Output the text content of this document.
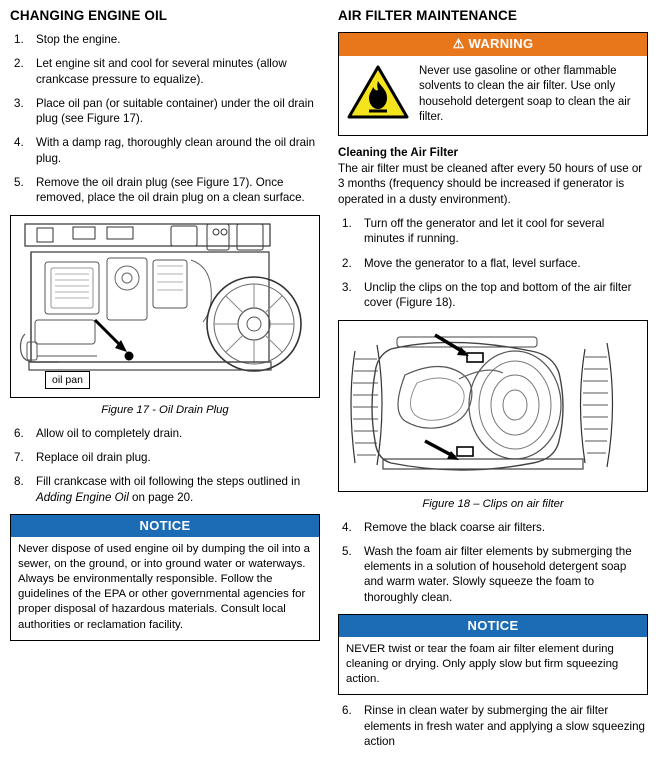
CHANGING ENGINE OIL
1.	Stop the engine.
2.	Let engine sit and cool for several minutes (allow crankcase pressure to equalize).
3.	Place oil pan (or suitable container) under the oil drain plug (see Figure 17).
4.	With a damp rag, thoroughly clean around the oil drain plug.
5.	Remove the oil drain plug (see Figure 17). Once removed, place the oil drain plug on a clean surface.
oil pan
Figure 17 - Oil Drain Plug
6.	Allow oil to completely drain.
7.	Replace oil drain plug.
8.	Fill crankcase with oil following the steps outlined in Adding Engine Oil on page 20.
NOTICE
Never dispose of used engine oil by dumping the oil into a sewer, on the ground, or into ground water or waterways. Always be environmentally responsible. Follow the guidelines of the EPA or other governmental agencies for proper disposal of hazardous materials. Consult local authorities or reclamation facility.
AIR FILTER MAINTENANCE
⚠ WARNING
Never use gasoline or other flammable solvents to clean the air filter. Use only household detergent soap to clean the air filter.
Cleaning the Air Filter

The air filter must be cleaned after every 50 hours of use or 3 months (frequency should be increased if generator is operated in a dusty environment).

1.	Turn off the generator and let it cool for several minutes if running.
2.	Move the generator to a flat, level surface.
3.	Unclip the clips on the top and bottom of the air filter cover (Figure 18).
Figure 18 – Clips on air filter
4.	Remove the black coarse air filters.
5.	Wash the foam air filter elements by submerging the elements in a solution of household detergent soap and warm water. Slowly squeeze the foam to thoroughly clean.
NOTICE
NEVER twist or tear the foam air filter element during cleaning or drying. Only apply slow but firm squeezing action.
6.	Rinse in clean water by submerging the air filter elements in fresh water and applying a slow squeezing action
